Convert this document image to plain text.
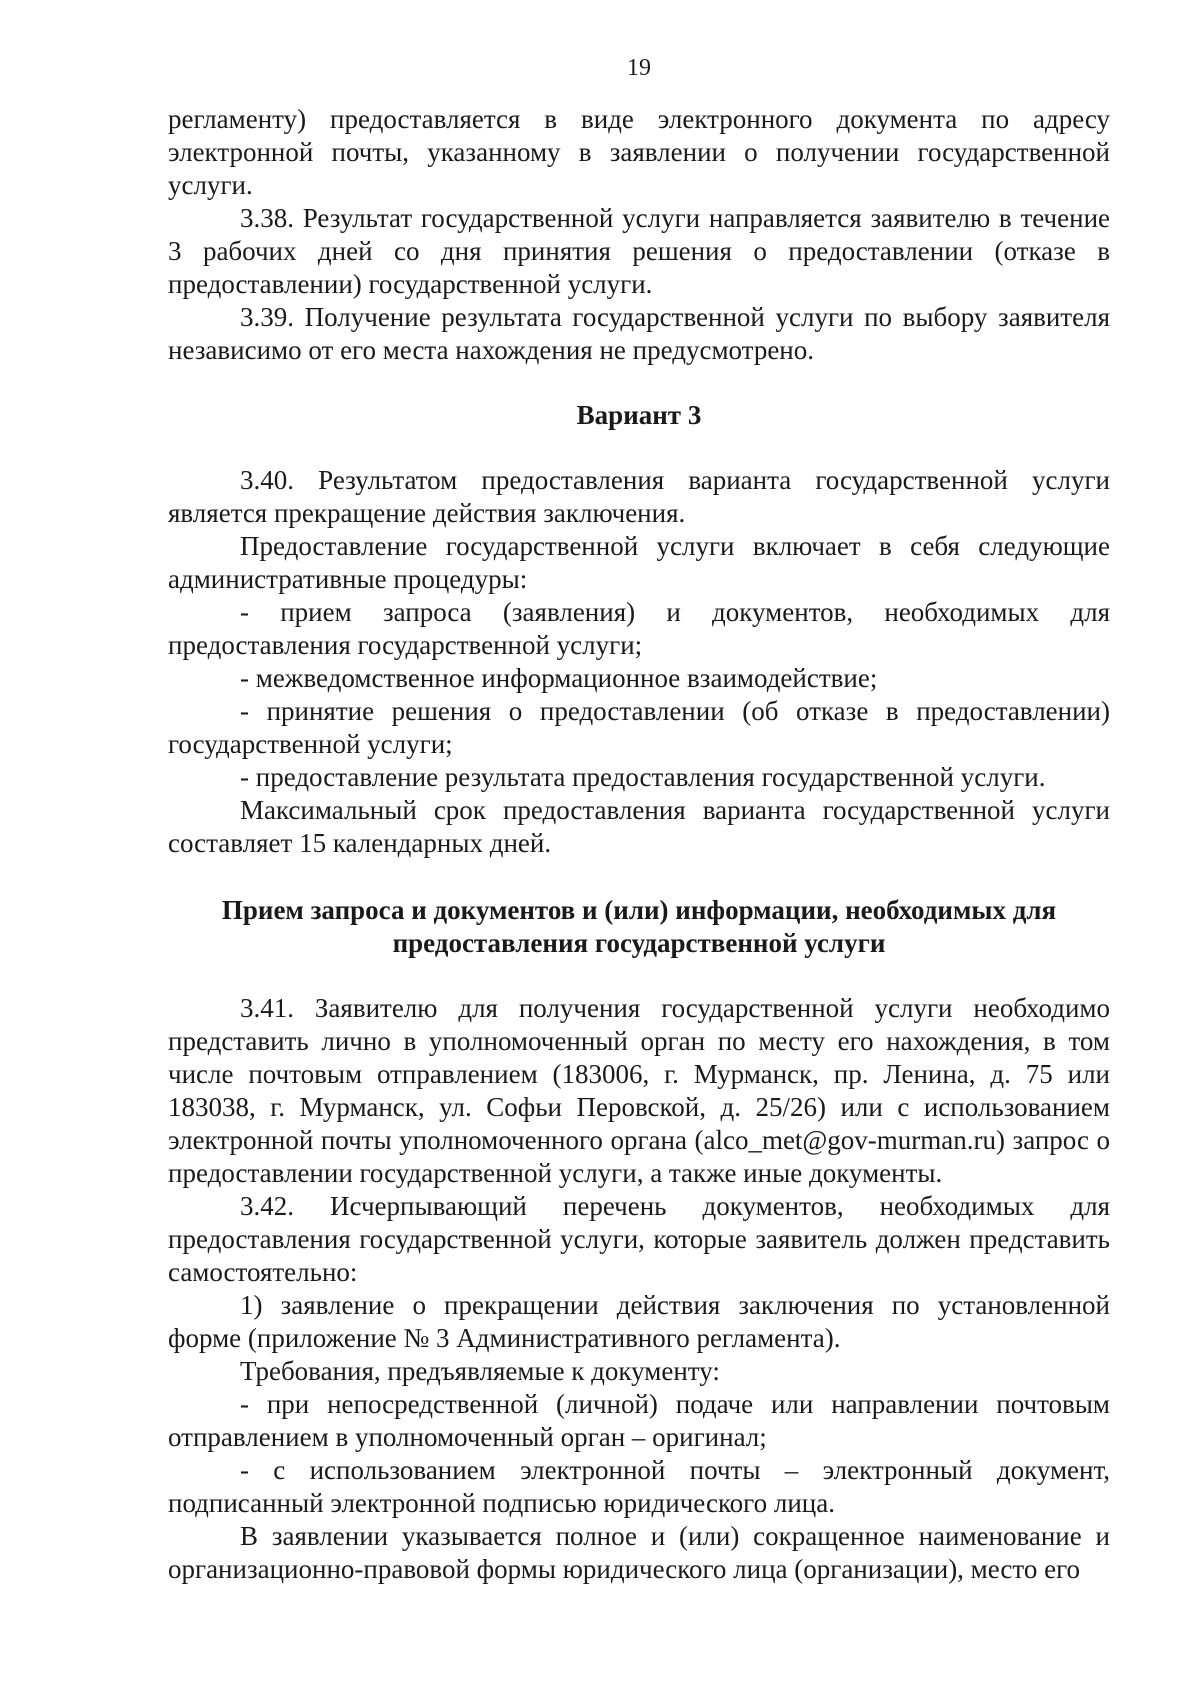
19

регламенту) предоставляется в виде электронного документа по адресу электронной почты, указанному в заявлении о получении государственной услуги.

3.38. Результат государственной услуги направляется заявителю в течение 3 рабочих дней со дня принятия решения о предоставлении (отказе в предоставлении) государственной услуги.

3.39. Получение результата государственной услуги по выбору заявителя независимо от его места нахождения не предусмотрено.

Вариант 3

3.40. Результатом предоставления варианта государственной услуги является прекращение действия заключения.

Предоставление государственной услуги включает в себя следующие административные процедуры:

- прием запроса (заявления) и документов, необходимых для предоставления государственной услуги;

- межведомственное информационное взаимодействие;

- принятие решения о предоставлении (об отказе в предоставлении) государственной услуги;

- предоставление результата предоставления государственной услуги.

Максимальный срок предоставления варианта государственной услуги составляет 15 календарных дней.

Прием запроса и документов и (или) информации, необходимых для предоставления государственной услуги

3.41. Заявителю для получения государственной услуги необходимо представить лично в уполномоченный орган по месту его нахождения, в том числе почтовым отправлением (183006, г. Мурманск, пр. Ленина, д. 75 или 183038, г. Мурманск, ул. Софьи Перовской, д. 25/26) или с использованием электронной почты уполномоченного органа (alco_met@gov-murman.ru) запрос о предоставлении государственной услуги, а также иные документы.

3.42. Исчерпывающий перечень документов, необходимых для предоставления государственной услуги, которые заявитель должен представить самостоятельно:

1) заявление о прекращении действия заключения по установленной форме (приложение № 3 Административного регламента).

Требования, предъявляемые к документу:

- при непосредственной (личной) подаче или направлении почтовым отправлением в уполномоченный орган – оригинал;

- с использованием электронной почты – электронный документ, подписанный электронной подписью юридического лица.

В заявлении указывается полное и (или) сокращенное наименование и организационно-правовой формы юридического лица (организации), место его
